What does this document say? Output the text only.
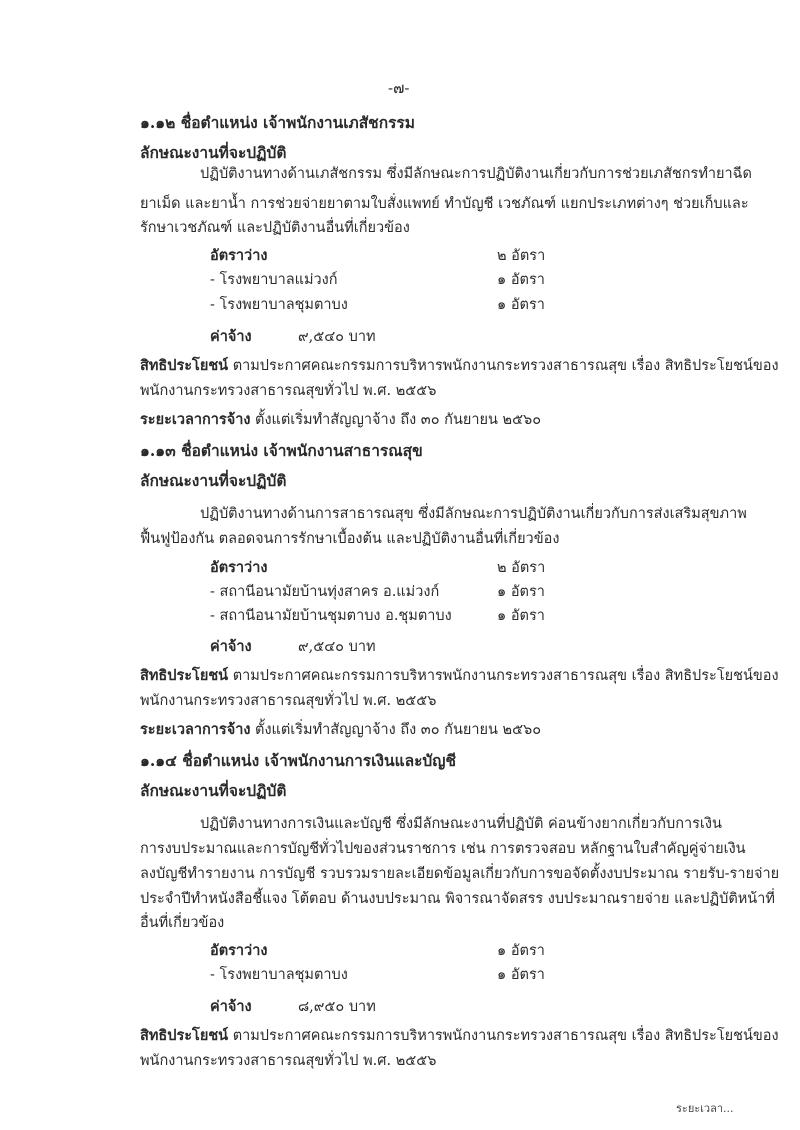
-๗-
๑.๑๒ ชื่อตำแหน่ง เจ้าพนักงานเภสัชกรรม
ลักษณะงานที่จะปฏิบัติ
ปฏิบัติงานทางด้านเภสัชกรรม ซึ่งมีลักษณะการปฏิบัติงานเกี่ยวกับการช่วยเภสัชกรทำยาฉีด
ยาเม็ด และยาน้ำ การช่วยจ่ายยาตามใบสั่งแพทย์ ทำบัญชี เวชภัณฑ์ แยกประเภทต่างๆ ช่วยเก็บและ
รักษาเวชภัณฑ์ และปฏิบัติงานอื่นที่เกี่ยวข้อง
อัตราว่าง	๒ อัตรา
- โรงพยาบาลแม่วงก์	๑ อัตรา
- โรงพยาบาลชุมตาบง	๑ อัตรา
ค่าจ้าง	๙,๕๔๐ บาท
สิทธิประโยชน์ ตามประกาศคณะกรรมการบริหารพนักงานกระทรวงสาธารณสุข เรื่อง สิทธิประโยชน์ของ
พนักงานกระทรวงสาธารณสุขทั่วไป พ.ศ. ๒๕๕๖
ระยะเวลาการจ้าง ตั้งแต่เริ่มทำสัญญาจ้าง ถึง ๓๐ กันยายน ๒๕๖๐
๑.๑๓ ชื่อตำแหน่ง เจ้าพนักงานสาธารณสุข
ลักษณะงานที่จะปฏิบัติ
ปฏิบัติงานทางด้านการสาธารณสุข ซึ่งมีลักษณะการปฏิบัติงานเกี่ยวกับการส่งเสริมสุขภาพ
ฟื้นฟูป้องกัน ตลอดจนการรักษาเบื้องต้น และปฏิบัติงานอื่นที่เกี่ยวข้อง
อัตราว่าง	๒ อัตรา
- สถานีอนามัยบ้านทุ่งสาคร อ.แม่วงก์	๑ อัตรา
- สถานีอนามัยบ้านชุมตาบง อ.ชุมตาบง	๑ อัตรา
ค่าจ้าง	๙,๕๔๐ บาท
สิทธิประโยชน์ ตามประกาศคณะกรรมการบริหารพนักงานกระทรวงสาธารณสุข เรื่อง สิทธิประโยชน์ของ
พนักงานกระทรวงสาธารณสุขทั่วไป พ.ศ. ๒๕๕๖
ระยะเวลาการจ้าง ตั้งแต่เริ่มทำสัญญาจ้าง ถึง ๓๐ กันยายน ๒๕๖๐
๑.๑๔ ชื่อตำแหน่ง เจ้าพนักงานการเงินและบัญชี
ลักษณะงานที่จะปฏิบัติ
ปฏิบัติงานทางการเงินและบัญชี ซึ่งมีลักษณะงานที่ปฏิบัติ ค่อนข้างยากเกี่ยวกับการเงิน
การงบประมาณและการบัญชีทั่วไปของส่วนราชการ เช่น การตรวจสอบ หลักฐานใบสำคัญคู่จ่ายเงิน
ลงบัญชีทำรายงาน การบัญชี รวบรวมรายละเอียดข้อมูลเกี่ยวกับการขอจัดตั้งงบประมาณ รายรับ-รายจ่าย
ประจำปีทำหนังสือชี้แจง โต้ตอบ ด้านงบประมาณ พิจารณาจัดสรร งบประมาณรายจ่าย และปฏิบัติหน้าที่
อื่นที่เกี่ยวข้อง
อัตราว่าง	๑ อัตรา
- โรงพยาบาลชุมตาบง	๑ อัตรา
ค่าจ้าง	๘,๙๕๐ บาท
สิทธิประโยชน์ ตามประกาศคณะกรรมการบริหารพนักงานกระทรวงสาธารณสุข เรื่อง สิทธิประโยชน์ของ
พนักงานกระทรวงสาธารณสุขทั่วไป พ.ศ. ๒๕๕๖
ระยะเวลา...
